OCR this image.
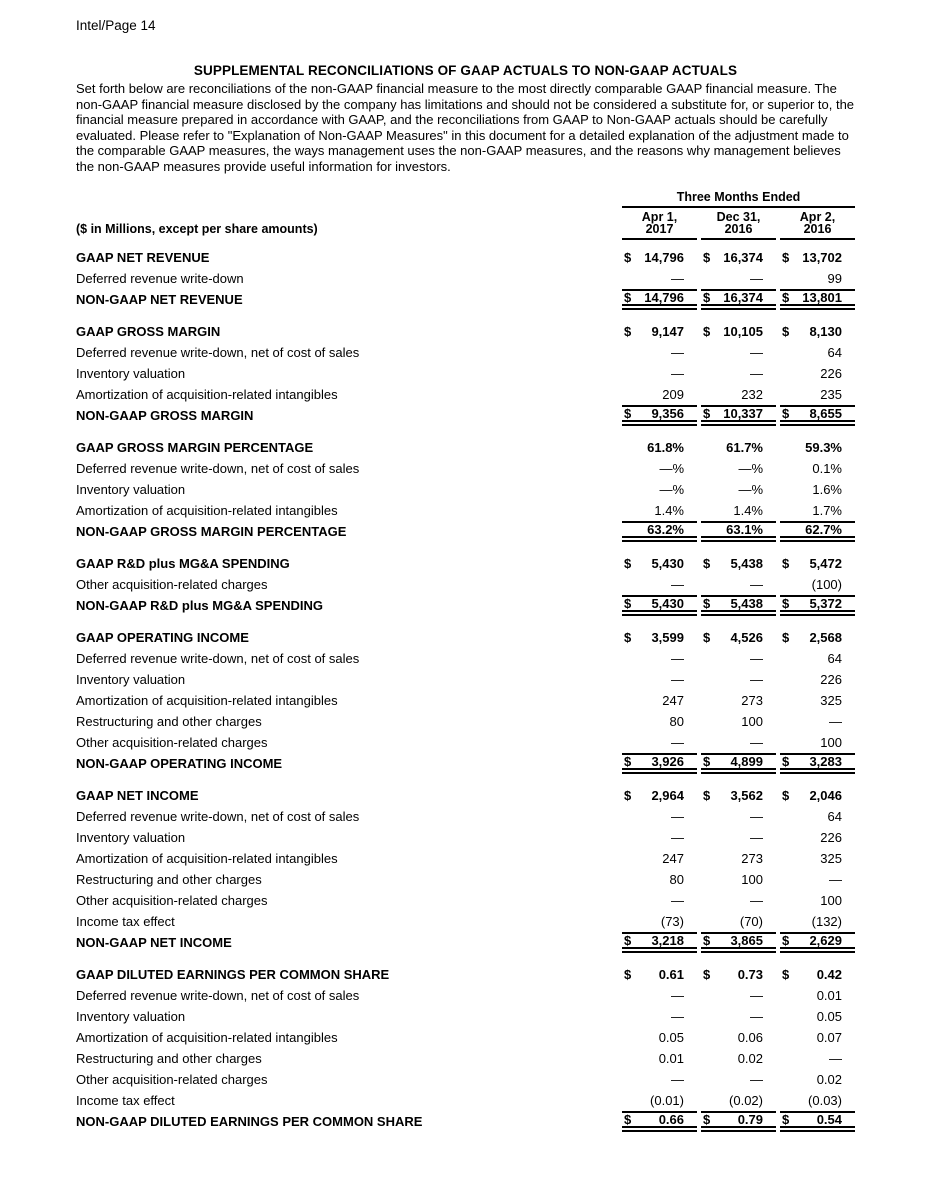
Intel/Page 14
SUPPLEMENTAL RECONCILIATIONS OF GAAP ACTUALS TO NON-GAAP ACTUALS
Set forth below are reconciliations of the non-GAAP financial measure to the most directly comparable GAAP financial measure. The non-GAAP financial measure disclosed by the company has limitations and should not be considered a substitute for, or superior to, the financial measure prepared in accordance with GAAP, and the reconciliations from GAAP to Non-GAAP actuals should be carefully evaluated. Please refer to "Explanation of Non-GAAP Measures" in this document for a detailed explanation of the adjustment made to the comparable GAAP measures, the ways management uses the non-GAAP measures, and the reasons why management believes the non-GAAP measures provide useful information for investors.
($ in Millions, except per share amounts)
Three Months Ended
Apr 1,
2017
Dec 31,
2016
Apr 2,
2016
GAAP NET REVENUE	$ 14,796 $ 16,374 $ 13,702
Deferred revenue write-down	—	—	99
NON-GAAP NET REVENUE	$ 14,796 $ 16,374 $ 13,801
GAAP GROSS MARGIN	$ 9,147 $ 10,105 $ 8,130
Deferred revenue write-down, net of cost of sales	—	—	64
Inventory valuation	—	—	226
Amortization of acquisition-related intangibles	209	232	235
NON-GAAP GROSS MARGIN	$ 9,356 $ 10,337 $ 8,655
GAAP GROSS MARGIN PERCENTAGE	61.8%	61.7%	59.3%
Deferred revenue write-down, net of cost of sales	—%	—%	0.1%
Inventory valuation	—%	—%	1.6%
Amortization of acquisition-related intangibles	1.4%	1.4%	1.7%
NON-GAAP GROSS MARGIN PERCENTAGE	63.2%	63.1%	62.7%
GAAP R&D plus MG&A SPENDING	$ 5,430 $ 5,438 $ 5,472
Other acquisition-related charges	—	—	(100)
NON-GAAP R&D plus MG&A SPENDING	$ 5,430 $ 5,438 $ 5,372
GAAP OPERATING INCOME	$ 3,599 $ 4,526 $ 2,568
Deferred revenue write-down, net of cost of sales	—	—	64
Inventory valuation	—	—	226
Amortization of acquisition-related intangibles	247	273	325
Restructuring and other charges	80	100	—
Other acquisition-related charges	—	—	100
NON-GAAP OPERATING INCOME	$ 3,926 $ 4,899 $ 3,283
GAAP NET INCOME	$ 2,964 $ 3,562 $ 2,046
Deferred revenue write-down, net of cost of sales	—	—	64
Inventory valuation	—	—	226
Amortization of acquisition-related intangibles	247	273	325
Restructuring and other charges	80	100	—
Other acquisition-related charges	—	—	100
Income tax effect	(73)	(70)	(132)
NON-GAAP NET INCOME	$ 3,218 $ 3,865 $ 2,629
GAAP DILUTED EARNINGS PER COMMON SHARE	$ 0.61 $ 0.73 $ 0.42
Deferred revenue write-down, net of cost of sales	—	—	0.01
Inventory valuation	—	—	0.05
Amortization of acquisition-related intangibles	0.05	0.06	0.07
Restructuring and other charges	0.01	0.02	—
Other acquisition-related charges	—	—	0.02
Income tax effect	(0.01)	(0.02)	(0.03)
NON-GAAP DILUTED EARNINGS PER COMMON SHARE	$ 0.66 $ 0.79 $ 0.54
